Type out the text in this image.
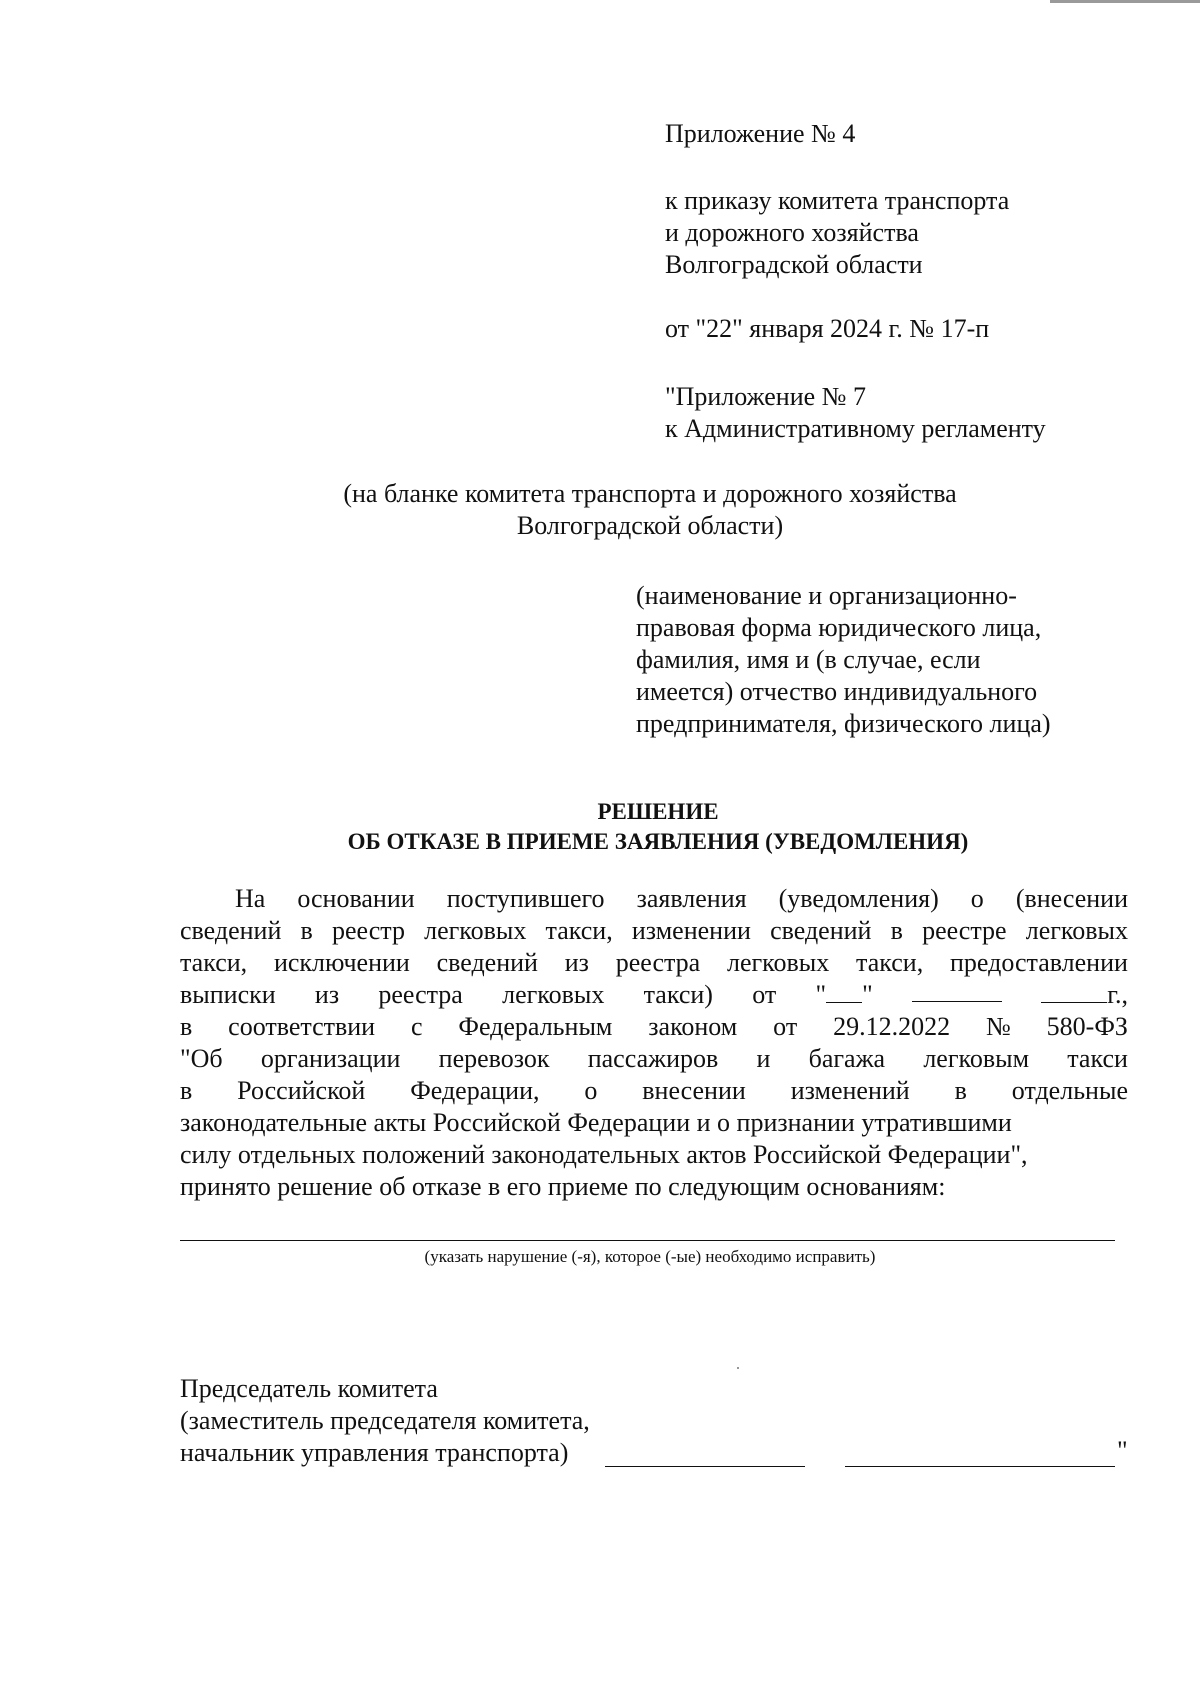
Приложение № 4
к приказу комитета транспорта
и дорожного хозяйства
Волгоградской области
от "22" января 2024 г. № 17-п
"Приложение № 7
к Административному регламенту
(на бланке комитета транспорта и дорожного хозяйства
Волгоградской области)
(наименование и организационно-
правовая форма юридического лица,
фамилия, имя и (в случае, если
имеется) отчество индивидуального
предпринимателя, физического лица)
РЕШЕНИЕ
ОБ ОТКАЗЕ В ПРИЕМЕ ЗАЯВЛЕНИЯ (УВЕДОМЛЕНИЯ)
На основании поступившего заявления (уведомления) о (внесении
сведений в реестр легковых такси, изменении сведений в реестре легковых
такси, исключении сведений из реестра легковых такси, предоставлении
выписки из реестра легковых такси) от " "	г.,
в соответствии с Федеральным законом от 29.12.2022 № 580-ФЗ
"Об организации перевозок пассажиров и багажа легковым такси
в Российской Федерации, о внесении изменений в отдельные
законодательные акты Российской Федерации и о признании утратившими
силу отдельных положений законодательных актов Российской Федерации",
принято решение об отказе в его приеме по следующим основаниям:
(указать нарушение (-я), которое (-ые) необходимо исправить)
Председатель комитета
(заместитель председателя комитета,
начальник управления транспорта)	"
